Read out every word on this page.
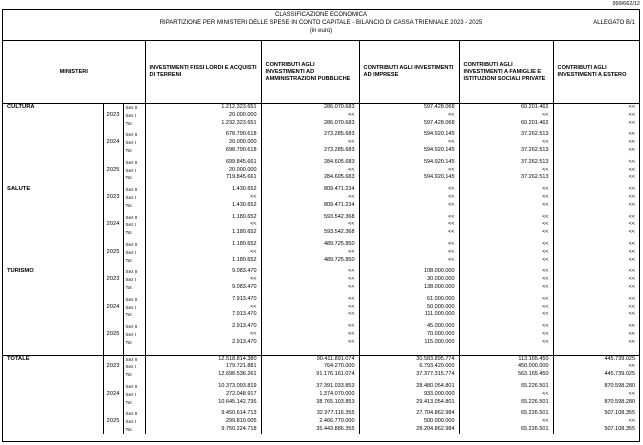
999/662/12
CLASSIFICAZIONE ECONOMICA
RIPARTIZIONE PER MINISTERI DELLE SPESE IN CONTO CAPITALE - BILANCIO DI CASSA TRIENNALE 2023 - 2025
(in euro)
ALLEGATO B/1
MINISTERI			INVESTIMENTI FISSI LORDI E ACQUISTI DI TERRENI	CONTRIBUTI AGLI INVESTIMENTI AD AMMINISTRAZIONI PUBBLICHE	CONTRIBUTI AGLI INVESTIMENTI AD IMPRESE	CONTRIBUTI AGLI INVESTIMENTI A FAMIGLIE E ISTITUZIONI SOCIALI PRIVATE	CONTRIBUTI AGLI INVESTIMENTI A ESTERO
CULTURA		Sez II	1.212.323.651	286.070.683	597.428.068	60.201.462	<<
	2023	Sez I	20.000.000	<<	<<	<<	<<
		Tot	1.232.323.651	286.070.683	597.428.068	60.201.462	<<

		Sez II	678.790.618	273.285.683	594.920.145	37.262.513	<<
	2024	Sez I	20.000.000	<<	<<	<<	<<
		Tot	698.790.618	273.285.683	594.920.145	37.262.513	<<

		Sez II	699.845.661	284.605.683	594.920.145	37.262.513	<<
	2025	Sez I	20.000.000	<<	<<	<<	<<
		Tot	719.845.661	284.605.683	594.920.145	37.262.513	<<

SALUTE		Sez II	1.430.652	809.471.234	<<	<<	<<
	2023	Sez I	<<	<<	<<	<<	<<
		Tot	1.430.652	809.471.234	<<	<<	<<

		Sez II	1.180.652	593.542.368	<<	<<	<<
	2024	Sez I	<<	<<	<<	<<	<<
		Tot	1.180.652	593.542.368	<<	<<	<<

		Sez II	1.180.652	489.725.850	<<	<<	<<
	2025	Sez I	<<	<<	<<	<<	<<
		Tot	1.180.652	489.725.850	<<	<<	<<

TURISMO		Sez II	9.083.470	<<	108.000.000	<<	<<
	2023	Sez I	<<	<<	30.000.000	<<	<<
		Tot	9.083.470	<<	138.000.000	<<	<<

		Sez II	7.913.470	<<	61.000.000	<<	<<
	2024	Sez I	<<	<<	50.000.000	<<	<<
		Tot	7.913.470	<<	111.000.000	<<	<<

		Sez II	2.913.470	<<	45.000.000	<<	<<
	2025	Sez I	<<	<<	70.000.000	<<	<<
		Tot	2.913.470	<<	115.000.000	<<	<<

TOTALE		Sez II	12.518.814.380	90.411.891.074	30.583.895.774	113.165.450	445.739.025
	2023	Sez I	179.721.881	764.270.000	6.793.420.000	450.000.000	<<
		Tot	12.698.536.261	91.176.161.074	37.377.315.774	563.165.450	445.739.025

		Sez II	10.373.093.819	37.391.033.853	28.480.054.801	65.226.501	870.598.280
	2024	Sez I	272.048.917	1.374.070.000	933.000.000	<<	<<
		Tot	10.645.142.736	38.765.103.853	29.413.054.801	65.226.501	870.598.280

		Sez II	9.450.614.713	32.977.116.355	27.704.862.984	65.226.501	507.108.355
	2025	Sez I	299.810.005	2.466.770.000	500.000.000	<<	<<
		Tot	9.750.224.718	35.443.886.355	28.204.862.984	65.226.501	507.108.355
